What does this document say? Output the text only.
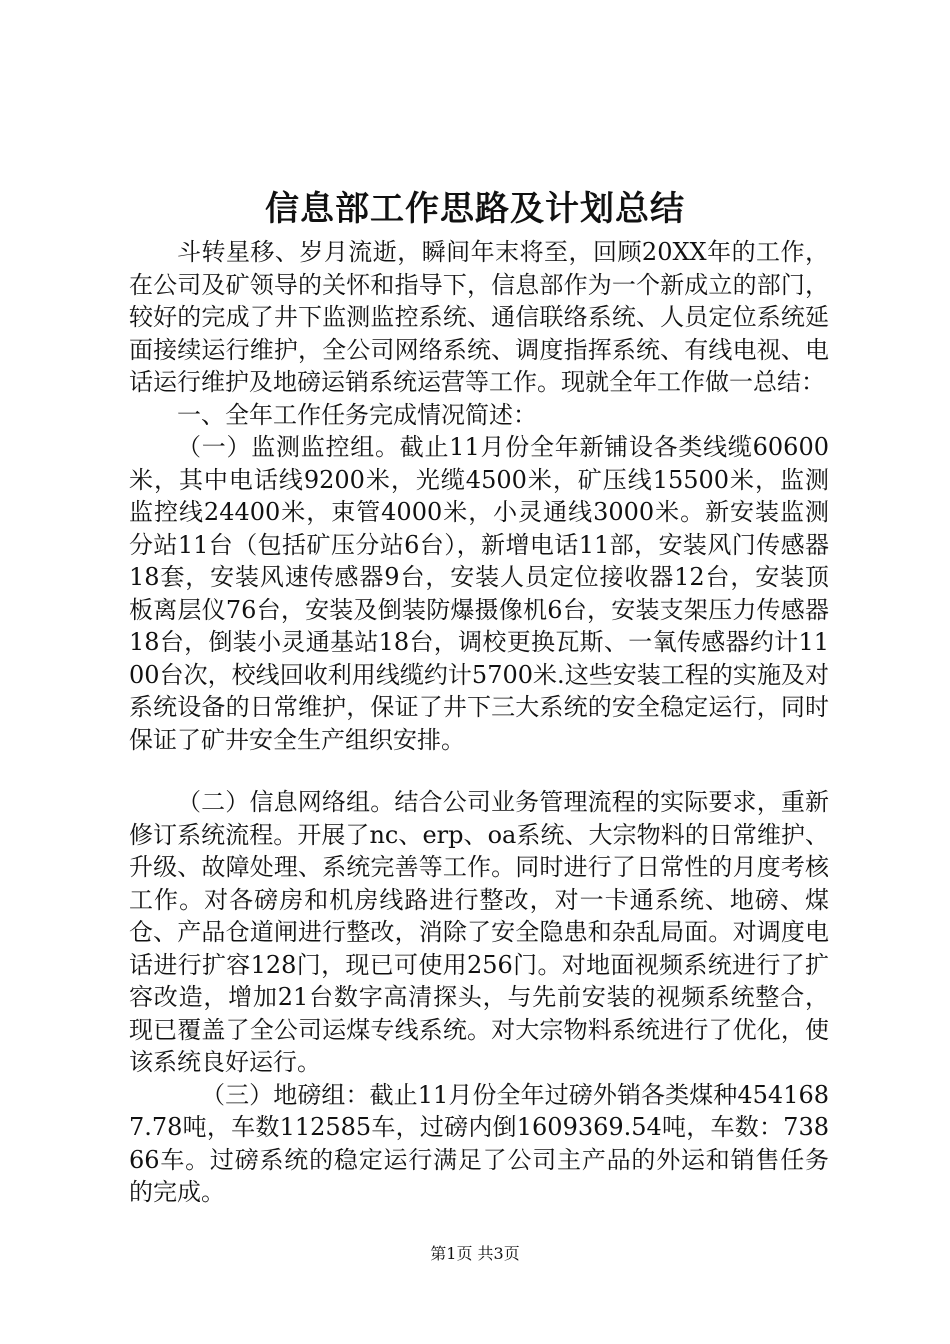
信息部工作思路及计划总结

斗转星移、岁月流逝，瞬间年末将至，回顾20XX年的工作，在公司及矿领导的关怀和指导下，信息部作为一个新成立的部门，较好的完成了井下监测监控系统、通信联络系统、人员定位系统延面接续运行维护，全公司网络系统、调度指挥系统、有线电视、电话运行维护及地磅运销系统运营等工作。现就全年工作做一总结：

一、全年工作任务完成情况简述：

（一）监测监控组。截止11月份全年新铺设各类线缆60600米，其中电话线9200米，光缆4500米，矿压线15500米，监测监控线24400米，束管4000米，小灵通线3000米。新安装监测分站11台（包括矿压分站6台），新增电话11部，安装风门传感器18套，安装风速传感器9台，安装人员定位接收器12台，安装顶板离层仪76台，安装及倒装防爆摄像机6台，安装支架压力传感器18台，倒装小灵通基站18台，调校更换瓦斯、一氧传感器约计1100台次，校线回收利用线缆约计5700米.这些安装工程的实施及对系统设备的日常维护，保证了井下三大系统的安全稳定运行，同时保证了矿井安全生产组织安排。

（二）信息网络组。结合公司业务管理流程的实际要求，重新修订系统流程。开展了nc、erp、oa系统、大宗物料的日常维护、升级、故障处理、系统完善等工作。同时进行了日常性的月度考核工作。对各磅房和机房线路进行整改，对一卡通系统、地磅、煤仓、产品仓道闸进行整改，消除了安全隐患和杂乱局面。对调度电话进行扩容128门，现已可使用256门。对地面视频系统进行了扩容改造，增加21台数字高清探头，与先前安装的视频系统整合，现已覆盖了全公司运煤专线系统。对大宗物料系统进行了优化，使该系统良好运行。

（三）地磅组：截止11月份全年过磅外销各类煤种4541687.78吨，车数112585车，过磅内倒1609369.54吨，车数：73866车。过磅系统的稳定运行满足了公司主产品的外运和销售任务的完成。

第1页 共3页
